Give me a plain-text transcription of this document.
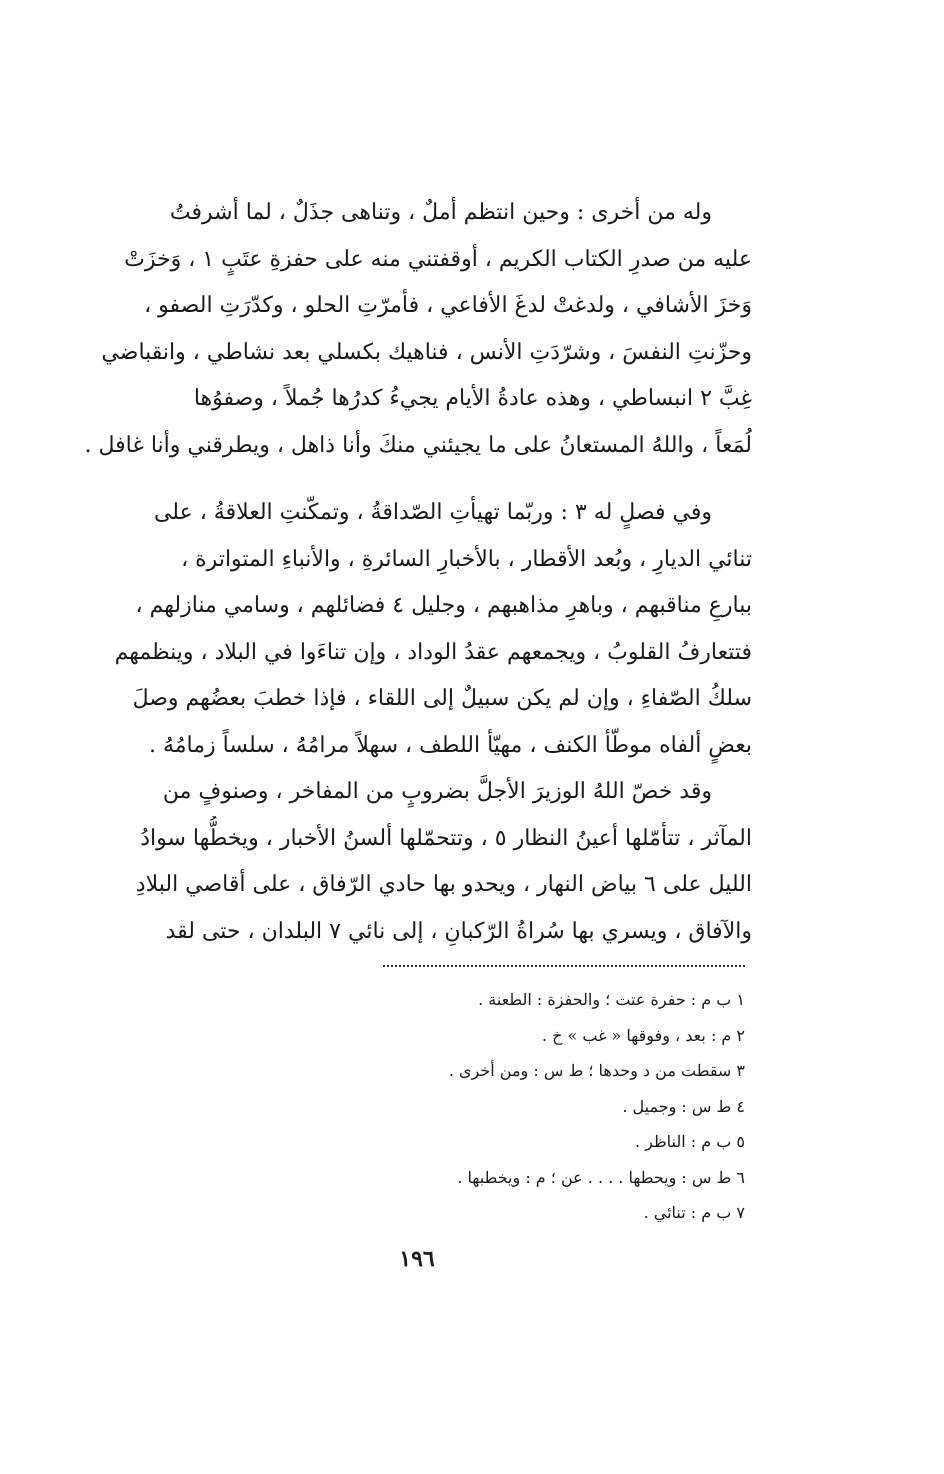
وله من أخرى : وحين انتظم أملٌ ، وتناهى جذَلٌ ، لما أشرفتُ
عليه من صدرِ الكتاب الكريم ، أوقفتني منه على حفزةِ عتَبٍ ١ ، وَخزَتْ
وَخزَ الأشافي ، ولدغتْ لدغَ الأفاعي ، فأمرّتِ الحلو ، وكدّرَتِ الصفو ،
وحزّنتِ النفسَ ، وشرّدَتِ الأنس ، فناهيك بكسلي بعد نشاطي ، وانقباضي
غِبَّ ٢ انبساطي ، وهذه عادةُ الأيام يجيءُ كدرُها جُملاً ، وصفوُها
لُمَعاً ، واللهُ المستعانُ على ما يجيئني منكَ وأنا ذاهل ، ويطرقني وأنا غافل .
وفي فصلٍ له ٣ : وربّما تهيأتِ الصّداقةُ ، وتمكّنتِ العلاقةُ ، على
تنائي الديارِ ، وبُعد الأقطار ، بالأخبارِ السائرةِ ، والأنباءِ المتواترة ،
ببارعِ مناقبهم ، وباهرِ مذاهبهم ، وجليل ٤ فضائلهم ، وسامي منازلهم ،
فتتعارفُ القلوبُ ، ويجمعهم عقدُ الوداد ، وإن تناءَوا في البلاد ، وينظمهم
سلكُ الصّفاءِ ، وإن لم يكن سبيلٌ إلى اللقاء ، فإذا خطبَ بعضُهم وصلَ
بعضٍ ألفاه موطّأ الكنف ، مهيّأ اللطف ، سهلاً مرامُهُ ، سلساً زمامُهُ .
وقد خصّ اللهُ الوزيرَ الأجلَّ بضروبٍ من المفاخر ، وصنوفٍ من
المآثر ، تتأمّلها أعينُ النظار ٥ ، وتتحمّلها ألسنُ الأخبار ، ويخطُّها سوادُ
الليل على ٦ بياض النهار ، ويحدو بها حادي الرّفاق ، على أقاصي البلادِ
والآفاق ، ويسري بها سُراةُ الرّكبانِ ، إلى نائي ٧ البلدان ، حتى لقد
١ ب م : حفرة عتت ؛ والحفزة : الطعنة .
٢ م : بعد ، وفوقها « غب » خ .
٣ سقطت من د وحدها ؛ ط س : ومن أخرى .
٤ ط س : وجميل .
٥ ب م : الناظر .
٦ ط س : ويحطها . . . . عن ؛ م : ويخطبها .
٧ ب م : تنائي .
١٩٦
